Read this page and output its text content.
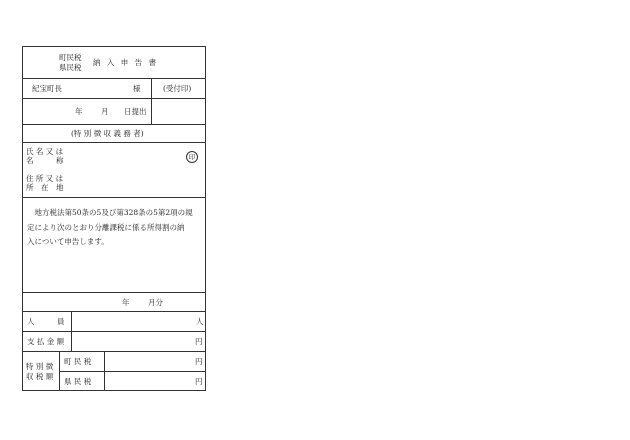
町民税
県民税
納 入 申 告 書
紀宝町長	様	(受付印)
年 月 日提出
(特 別 徴 収 義 務 者)
氏 名 又 は
名　　　称	印
住 所 又 は
所　在　地
　地方税法第50条の5及び第328条の5第2項の規
定により次のとおり分離課税に係る所得割の納
入について申告します。
年 月分
人　　　員	人
支 払 金 額	円
特 別 徴
収 税 額
町 民 税	円
県 民 税	円
